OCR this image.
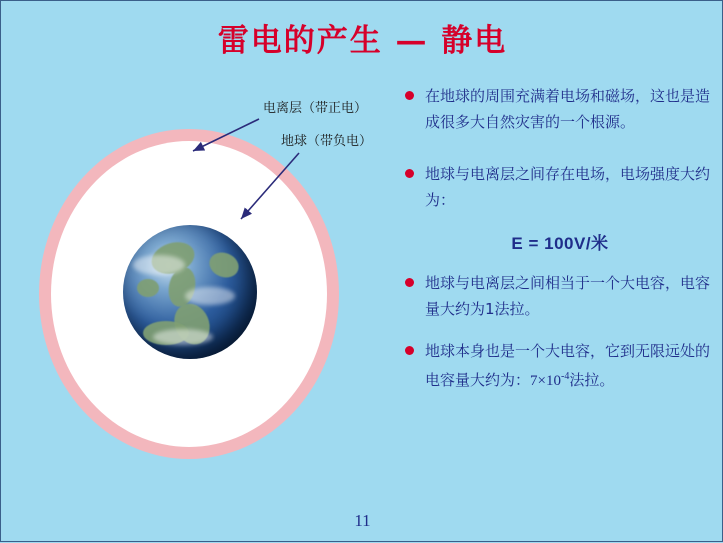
雷电的产生 — 静电
电离层（带正电）
地球（带负电）
在地球的周围充满着电场和磁场，这也是造成很多大自然灾害的一个根源。
地球与电离层之间存在电场，电场强度大约为：
E = 100V/米
地球与电离层之间相当于一个大电容，电容量大约为1法拉。
地球本身也是一个大电容，它到无限远处的电容量大约为：$7\times 10^{-4}$法拉。
11
